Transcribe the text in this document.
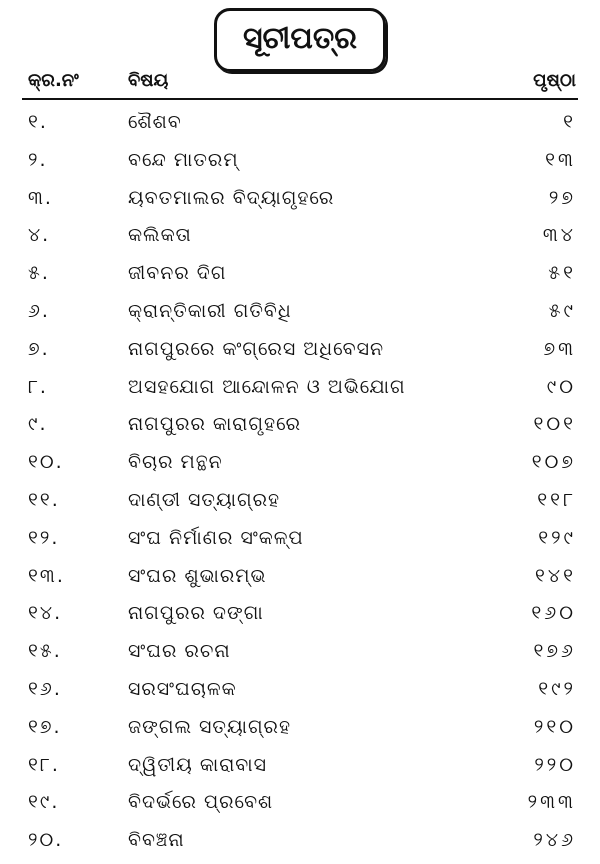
ସୂଚୀପତ୍ର
କ୍ର.ନଂ	ବିଷୟ	ପୃଷ୍ଠା
୧.	ଶୈଶବ	୧
୨.	ବନ୍ଦେ ମାତରମ୍	୧୩
୩.	ୟବତମାଲର ବିଦ୍ୟାଗୃହରେ	୨୭
୪.	କଲିକତା	୩୪
୫.	ଜୀବନର ଦିଗ	୫୧
୬.	କ୍ରାନ୍ତିକାରୀ ଗତିବିଧି	୫୯
୭.	ନାଗପୁରରେ କଂଗ୍ରେସ ଅଧିବେସନ	୭୩
୮.	ଅସହଯୋଗ ଆନ୍ଦୋଳନ ଓ ଅଭିଯୋଗ	୯୦
୯.	ନାଗପୁରର କାରାଗୃହରେ	୧୦୧
୧୦.	ବିଚାର ମନ୍ଥନ	୧୦୭
୧୧.	ଦାଣ୍ଡୀ ସତ୍ୟାଗ୍ରହ	୧୧୮
୧୨.	ସଂଘ ନିର୍ମାଣର ସଂକଳ୍ପ	୧୨୯
୧୩.	ସଂଘର ଶୁଭାରମ୍ଭ	୧୪୧
୧୪.	ନାଗପୁରର ଦଙ୍ଗା	୧୬୦
୧୫.	ସଂଘର ରଚନା	୧୭୬
୧୬.	ସରସଂଘଚାଳକ	୧୯୨
୧୭.	ଜଙ୍ଗଲ ସତ୍ୟାଗ୍ରହ	୨୧୦
୧୮.	ଦ୍ୱିତୀୟ କାରାବାସ	୨୨୦
୧୯.	ବିଦର୍ଭରେ ପ୍ରବେଶ	୨୩୩
୨୦.	ବିବଞ୍ଚନା	୨୪୬
